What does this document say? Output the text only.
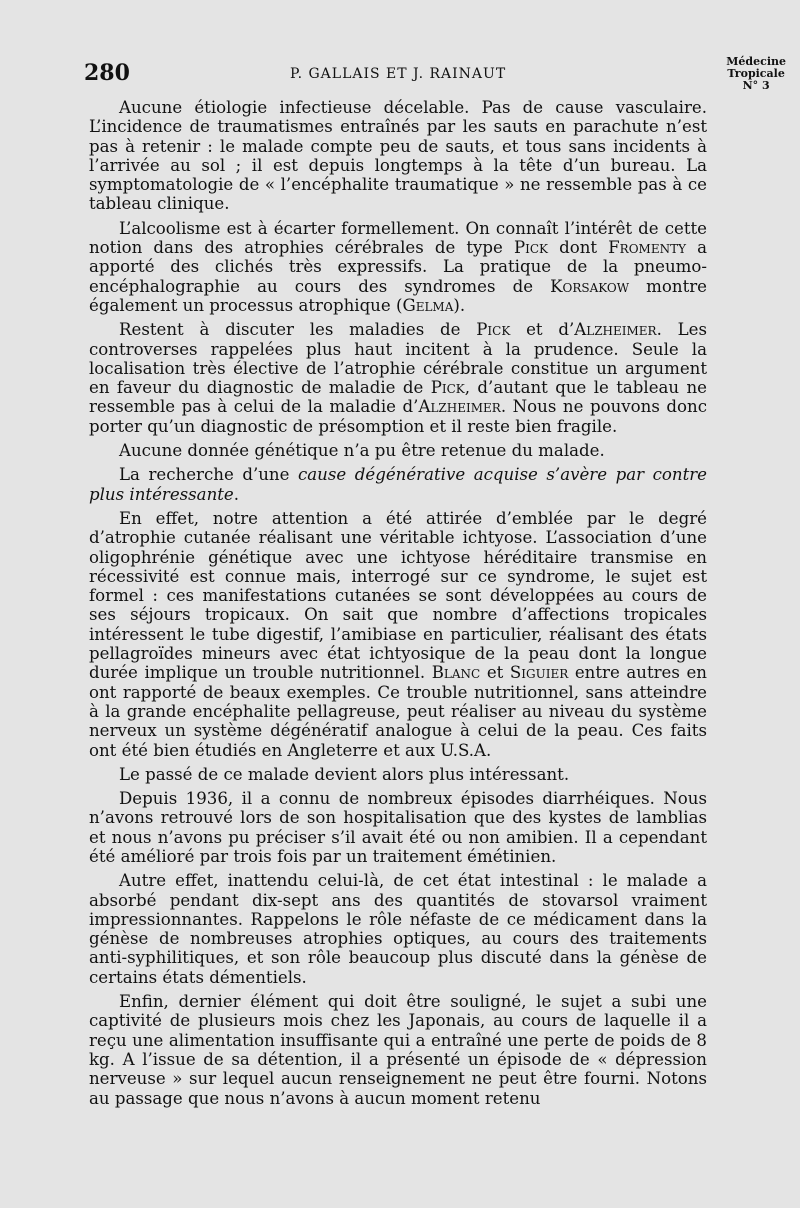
280	P. GALLAIS ET J. RAINAUT
Médecine
Tropicale
N° 3

Aucune étiologie infectieuse décelable. Pas de cause vasculaire. L’incidence de traumatismes entraînés par les sauts en parachute n’est pas à retenir : le malade compte peu de sauts, et tous sans incidents à l’arrivée au sol ; il est depuis longtemps à la tête d’un bureau. La symptomatologie de « l’encéphalite traumatique » ne ressemble pas à ce tableau clinique.

L’alcoolisme est à écarter formellement. On connaît l’intérêt de cette notion dans des atrophies cérébrales de type Pick dont Fromenty a apporté des clichés très expressifs. La pratique de la pneumo-encéphalographie au cours des syndromes de Korsakow montre également un processus atrophique (Gelma).

Restent à discuter les maladies de Pick et d’Alzheimer. Les controverses rappelées plus haut incitent à la prudence. Seule la localisation très élective de l’atrophie cérébrale constitue un argument en faveur du diagnostic de maladie de Pick, d’autant que le tableau ne ressemble pas à celui de la maladie d’Alzheimer. Nous ne pouvons donc porter qu’un diagnostic de présomption et il reste bien fragile.

Aucune donnée génétique n’a pu être retenue du malade.

La recherche d’une cause dégénérative acquise s’avère par contre plus intéressante.

En effet, notre attention a été attirée d’emblée par le degré d’atrophie cutanée réalisant une véritable ichtyose. L’association d’une oligophrénie génétique avec une ichtyose héréditaire transmise en récessivité est connue mais, interrogé sur ce syndrome, le sujet est formel : ces manifestations cutanées se sont développées au cours de ses séjours tropicaux. On sait que nombre d’affections tropicales intéressent le tube digestif, l’amibiase en particulier, réalisant des états pellagroïdes mineurs avec état ichtyosique de la peau dont la longue durée implique un trouble nutritionnel. Blanc et Siguier entre autres en ont rapporté de beaux exemples. Ce trouble nutritionnel, sans atteindre à la grande encéphalite pellagreuse, peut réaliser au niveau du système nerveux un système dégénératif analogue à celui de la peau. Ces faits ont été bien étudiés en Angleterre et aux U.S.A.

Le passé de ce malade devient alors plus intéressant.

Depuis 1936, il a connu de nombreux épisodes diarrhéiques. Nous n’avons retrouvé lors de son hospitalisation que des kystes de lamblias et nous n’avons pu préciser s’il avait été ou non amibien. Il a cependant été amélioré par trois fois par un traitement émétinien.

Autre effet, inattendu celui-là, de cet état intestinal : le malade a absorbé pendant dix-sept ans des quantités de stovarsol vraiment impressionnantes. Rappelons le rôle néfaste de ce médicament dans la génèse de nombreuses atrophies optiques, au cours des traitements anti-syphilitiques, et son rôle beaucoup plus discuté dans la génèse de certains états démentiels.

Enfin, dernier élément qui doit être souligné, le sujet a subi une captivité de plusieurs mois chez les Japonais, au cours de laquelle il a reçu une alimentation insuffisante qui a entraîné une perte de poids de 8 kg. A l’issue de sa détention, il a présenté un épisode de « dépression nerveuse » sur lequel aucun renseignement ne peut être fourni. Notons au passage que nous n’avons à aucun moment retenu
